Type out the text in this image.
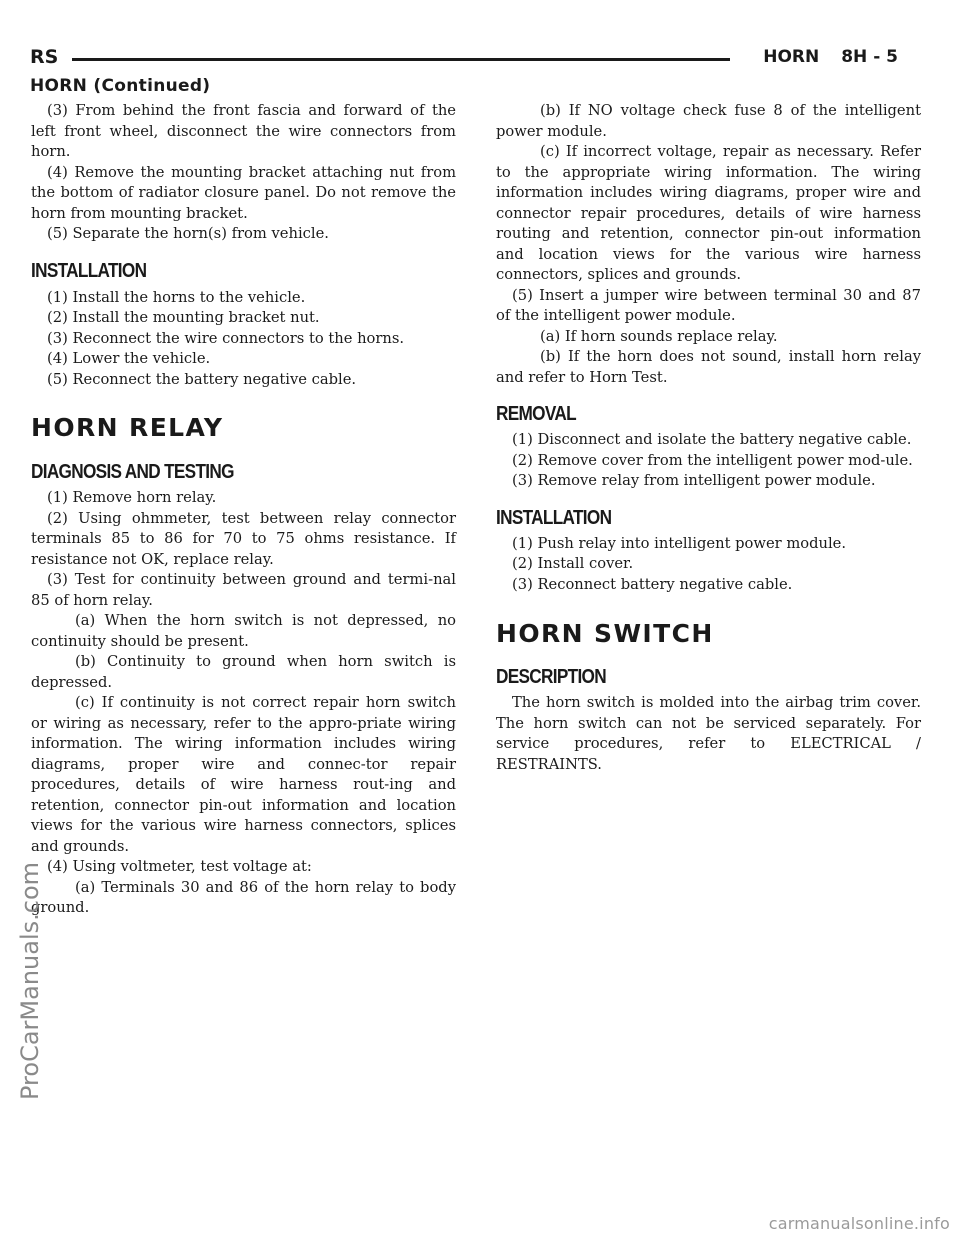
RS	HORN 8H - 5
HORN (Continued)

(3) From behind the front fascia and forward of the left front wheel, disconnect the wire connectors from horn.

(4) Remove the mounting bracket attaching nut from the bottom of radiator closure panel. Do not remove the horn from mounting bracket.

(5) Separate the horn(s) from vehicle.

INSTALLATION

(1) Install the horns to the vehicle.

(2) Install the mounting bracket nut.

(3) Reconnect the wire connectors to the horns.

(4) Lower the vehicle.

(5) Reconnect the battery negative cable.

HORN RELAY
DIAGNOSIS AND TESTING

(1) Remove horn relay.

(2) Using ohmmeter, test between relay connector terminals 85 to 86 for 70 to 75 ohms resistance. If resistance not OK, replace relay.

(3) Test for continuity between ground and termi-nal 85 of horn relay.

(a) When the horn switch is not depressed, no continuity should be present.

(b) Continuity to ground when horn switch is depressed.

(c) If continuity is not correct repair horn switch or wiring as necessary, refer to the appro-priate wiring information. The wiring information includes wiring diagrams, proper wire and connec-tor repair procedures, details of wire harness rout-ing and retention, connector pin-out information and location views for the various wire harness connectors, splices and grounds.

(4) Using voltmeter, test voltage at:

(a) Terminals 30 and 86 of the horn relay to body ground.

(b) If NO voltage check fuse 8 of the intelligent power module.

(c) If incorrect voltage, repair as necessary. Refer to the appropriate wiring information. The wiring information includes wiring diagrams, proper wire and connector repair procedures, details of wire harness routing and retention, connector pin-out information and location views for the various wire harness connectors, splices and grounds.

(5) Insert a jumper wire between terminal 30 and 87 of the intelligent power module.

(a) If horn sounds replace relay.

(b) If the horn does not sound, install horn relay and refer to Horn Test.

REMOVAL

(1) Disconnect and isolate the battery negative cable.

(2) Remove cover from the intelligent power mod-ule.

(3) Remove relay from intelligent power module.

INSTALLATION

(1) Push relay into intelligent power module.

(2) Install cover.

(3) Reconnect battery negative cable.

HORN SWITCH
DESCRIPTION

The horn switch is molded into the airbag trim cover. The horn switch can not be serviced separately. For service procedures, refer to ELECTRICAL / RESTRAINTS.

ProCarManuals.com
carmanualsonline.info
